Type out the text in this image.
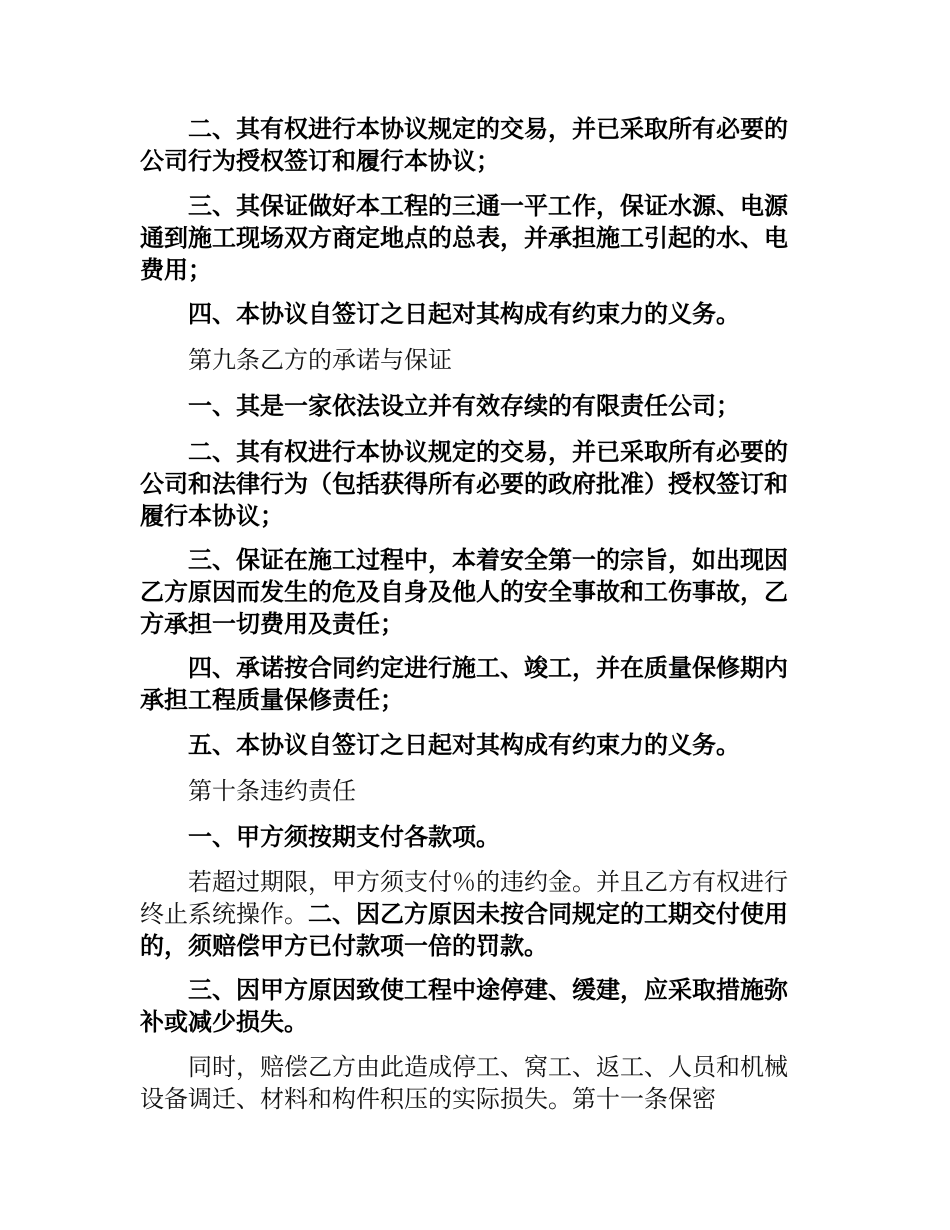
　　二、其有权进行本协议规定的交易，并已采取所有必要的
公司行为授权签订和履行本协议；
　　三、其保证做好本工程的三通一平工作，保证水源、电源
通到施工现场双方商定地点的总表，并承担施工引起的水、电
费用；
　　四、本协议自签订之日起对其构成有约束力的义务。
　　第九条乙方的承诺与保证
　　一、其是一家依法设立并有效存续的有限责任公司；
　　二、其有权进行本协议规定的交易，并已采取所有必要的
公司和法律行为（包括获得所有必要的政府批准）授权签订和
履行本协议；
　　三、保证在施工过程中，本着安全第一的宗旨，如出现因
乙方原因而发生的危及自身及他人的安全事故和工伤事故，乙
方承担一切费用及责任；
　　四、承诺按合同约定进行施工、竣工，并在质量保修期内
承担工程质量保修责任；
　　五、本协议自签订之日起对其构成有约束力的义务。
　　第十条违约责任
　　一、甲方须按期支付各款项。
　　若超过期限，甲方须支付％的违约金。并且乙方有权进行
终止系统操作。二、因乙方原因未按合同规定的工期交付使用
的，须赔偿甲方已付款项一倍的罚款。
　　三、因甲方原因致使工程中途停建、缓建，应采取措施弥
补或减少损失。
　　同时，赔偿乙方由此造成停工、窝工、返工、人员和机械
设备调迁、材料和构件积压的实际损失。第十一条保密
